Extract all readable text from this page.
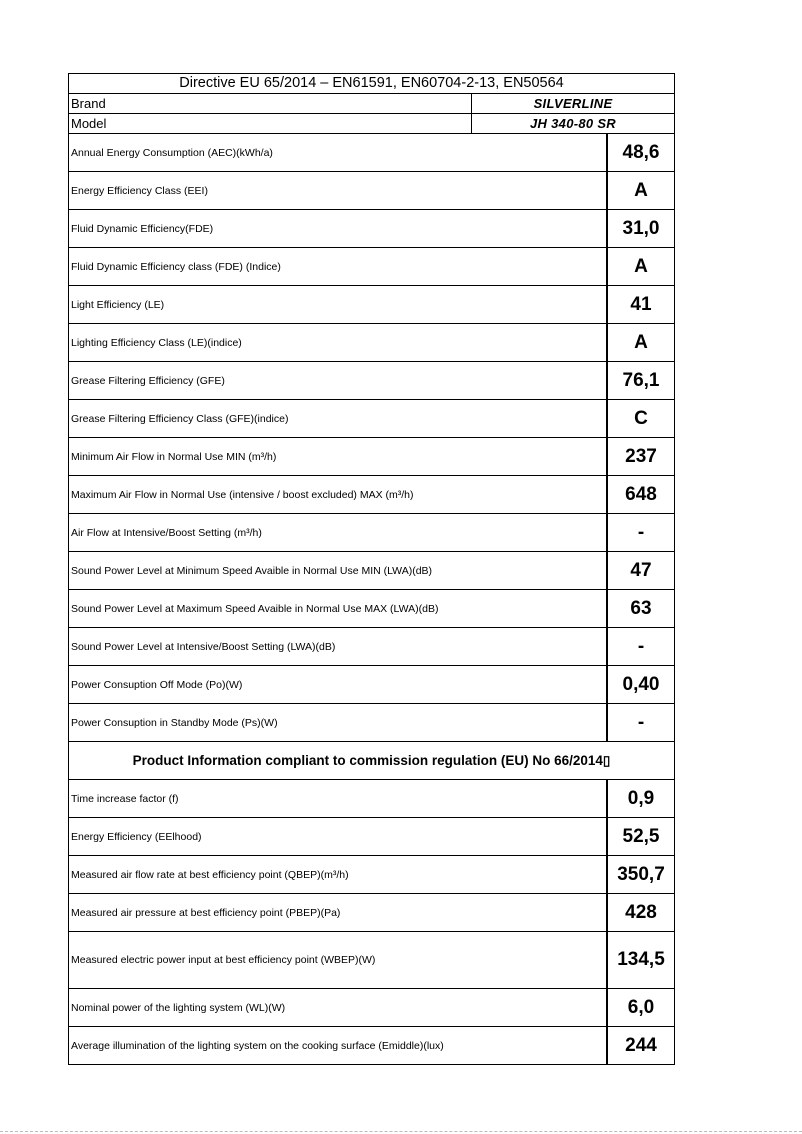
Directive EU 65/2014 – EN61591, EN60704-2-13, EN50564
Brand	SILVERLINE
Model	JH 340-80 SR
Annual Energy Consumption (AEC)(kWh/a)	48,6
Energy Efficiency Class (EEI)	A
Fluid Dynamic Efficiency(FDE)	31,0
Fluid Dynamic Efficiency class (FDE) (Indice)	A
Light Efficiency (LE)	41
Lighting Efficiency Class (LE)(indice)	A
Grease Filtering Efficiency (GFE)	76,1
Grease Filtering Efficiency Class (GFE)(indice)	C
Minimum Air Flow in Normal Use MIN (m³/h)	237
Maximum Air Flow in Normal Use (intensive / boost excluded) MAX (m³/h)	648
Air Flow at Intensive/Boost Setting (m³/h)	-
Sound Power Level at Minimum Speed Avaible in Normal Use MIN (LWA)(dB)	47
Sound Power Level at Maximum Speed Avaible in Normal Use MAX (LWA)(dB)	63
Sound Power Level at Intensive/Boost Setting (LWA)(dB)	-
Power Consuption Off Mode (Po)(W)	0,40
Power Consuption in Standby Mode (Ps)(W)	-
Product Information compliant to commission regulation (EU) No 66/2014▯
Time increase factor (f)	0,9
Energy Efficiency (EElhood)	52,5
Measured air flow rate at best efficiency point (QBEP)(m³/h)	350,7
Measured air pressure at best efficiency point (PBEP)(Pa)	428
Measured electric power input at best efficiency point (WBEP)(W)	134,5
Nominal power of the lighting system (WL)(W)	6,0
Average illumination of the lighting system on the cooking surface (Emiddle)(lux)	244
